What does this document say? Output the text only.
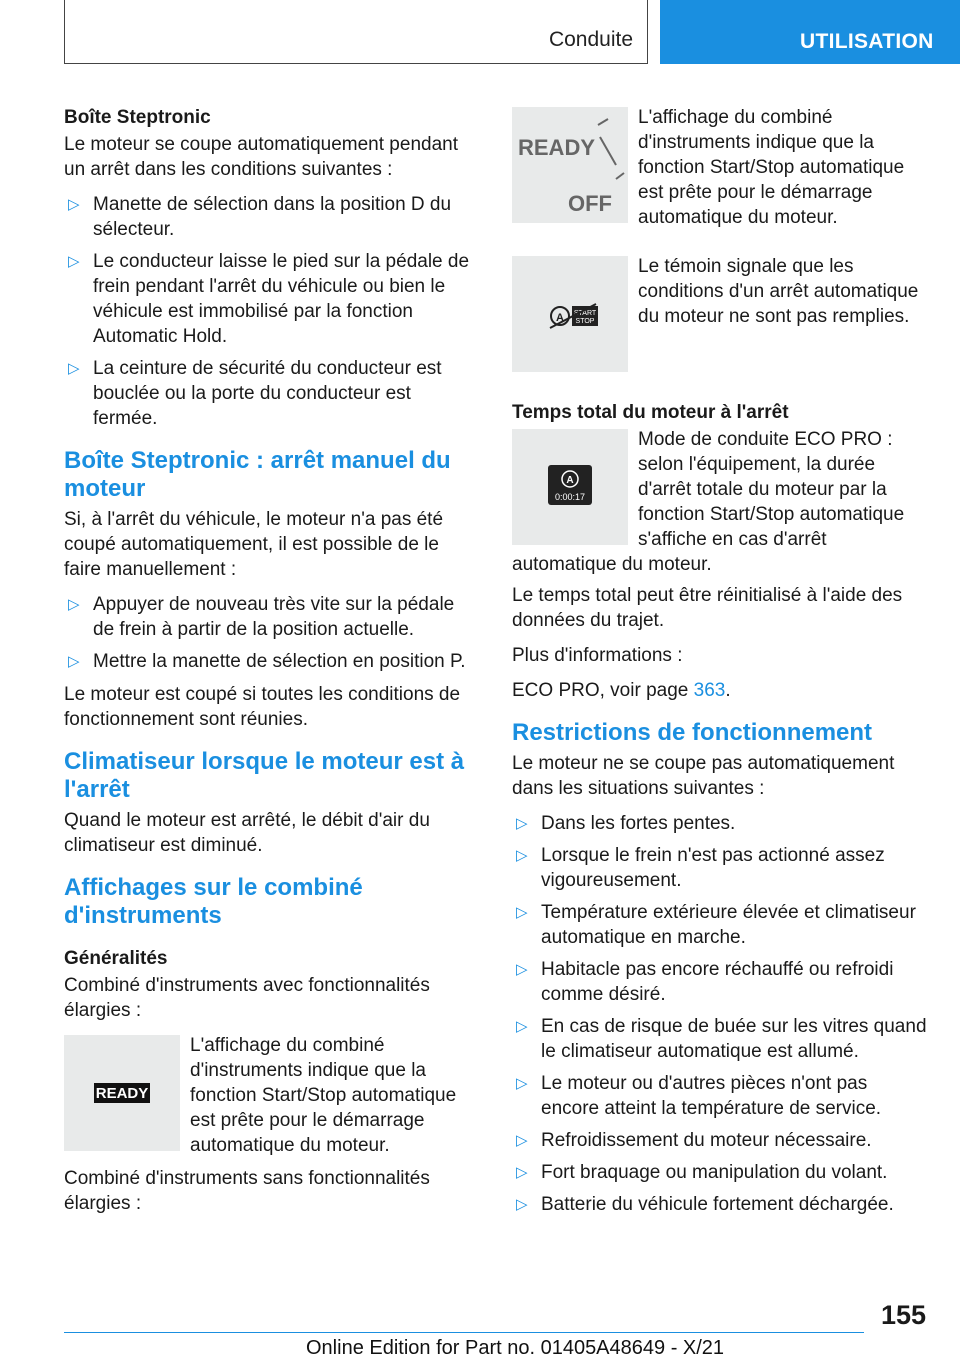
Conduite	UTILISATION
Boîte Steptronic

Le moteur se coupe automatiquement pendant un arrêt dans les conditions suivantes :

▷ Manette de sélection dans la position D du sélecteur.
▷ Le conducteur laisse le pied sur la pédale de frein pendant l'arrêt du véhicule ou bien le véhicule est immobilisé par la fonction Automatic Hold.
▷ La ceinture de sécurité du conducteur est bouclée ou la porte du conducteur est fermée.
Boîte Steptronic : arrêt manuel du moteur

Si, à l'arrêt du véhicule, le moteur n'a pas été coupé automatiquement, il est possible de le faire manuellement :

▷ Appuyer de nouveau très vite sur la pédale de frein à partir de la position actuelle.
▷ Mettre la manette de sélection en position P.

Le moteur est coupé si toutes les conditions de fonctionnement sont réunies.

Climatiseur lorsque le moteur est à l'arrêt

Quand le moteur est arrêté, le débit d'air du climatiseur est diminué.

Affichages sur le combiné d'instruments
Généralités

Combiné d'instruments avec fonctionnalités élargies :

READY

L'affichage du combiné d'instruments indique que la fonction Start/Stop automatique est prête pour le démarrage automatique du moteur.

Combiné d'instruments sans fonctionnalités élargies :

READY
OFF

L'affichage du combiné d'instruments indique que la fonction Start/Stop automatique est prête pour le démarrage automatique du moteur.

A START
STOP

Le témoin signale que les conditions d'un arrêt automatique du moteur ne sont pas remplies.

Temps total du moteur à l'arrêt
A
0:00:17

Mode de conduite ECO PRO : selon l'équipement, la durée d'arrêt totale du moteur par la fonction Start/Stop automatique s'affiche en cas d'arrêt automatique du moteur.

Le temps total peut être réinitialisé à l'aide des données du trajet.

Plus d'informations :

ECO PRO, voir page 363.

Restrictions de fonctionnement

Le moteur ne se coupe pas automatiquement dans les situations suivantes :

▷ Dans les fortes pentes.
▷ Lorsque le frein n'est pas actionné assez vigoureusement.
▷ Température extérieure élevée et climatiseur automatique en marche.
▷ Habitacle pas encore réchauffé ou refroidi comme désiré.
▷ En cas de risque de buée sur les vitres quand le climatiseur automatique est allumé.
▷ Le moteur ou d'autres pièces n'ont pas encore atteint la température de service.
▷ Refroidissement du moteur nécessaire.
▷ Fort braquage ou manipulation du volant.
▷ Batterie du véhicule fortement déchargée.
155
Online Edition for Part no. 01405A48649 - X/21
